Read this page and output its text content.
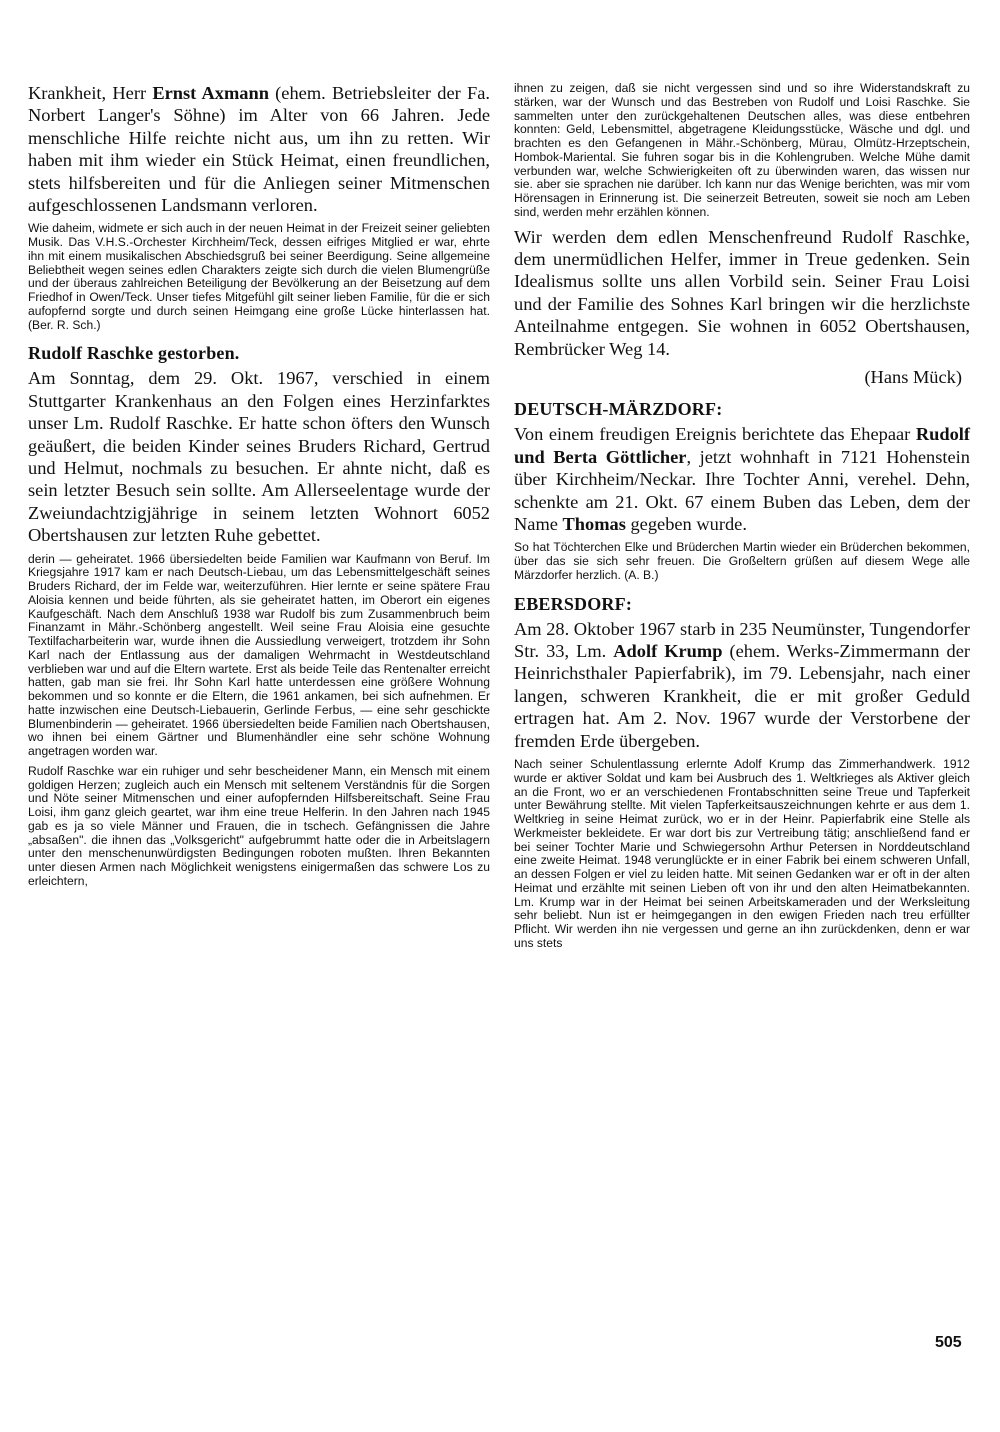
Krankheit, Herr Ernst Axmann (ehem. Betriebsleiter der Fa. Norbert Langer's Söhne) im Alter von 66 Jahren. Jede menschliche Hilfe reichte nicht aus, um ihn zu retten. Wir haben mit ihm wieder ein Stück Heimat, einen freundlichen, stets hilfsbereiten und für die Anliegen seiner Mitmenschen aufgeschlossenen Landsmann verloren.

Wie daheim, widmete er sich auch in der neuen Heimat in der Freizeit seiner geliebten Musik. Das V.H.S.-Orchester Kirchheim/Teck, dessen eifriges Mitglied er war, ehrte ihn mit einem musikalischen Abschiedsgruß bei seiner Beerdigung. Seine allgemeine Beliebtheit wegen seines edlen Charakters zeigte sich durch die vielen Blumengrüße und der überaus zahlreichen Beteiligung der Bevölkerung an der Beisetzung auf dem Friedhof in Owen/Teck. Unser tiefes Mitgefühl gilt seiner lieben Familie, für die er sich aufopfernd sorgte und durch seinen Heimgang eine große Lücke hinterlassen hat. (Ber. R. Sch.)

Rudolf Raschke gestorben.

Am Sonntag, dem 29. Okt. 1967, verschied in einem Stuttgarter Krankenhaus an den Folgen eines Herzinfarktes unser Lm. Rudolf Raschke. Er hatte schon öfters den Wunsch geäußert, die beiden Kinder seines Bruders Richard, Gertrud und Helmut, nochmals zu besuchen. Er ahnte nicht, daß es sein letzter Besuch sein sollte. Am Allerseelentage wurde der Zweiundachtzigjährige in seinem letzten Wohnort 6052 Obertshausen zur letzten Ruhe gebettet.

derin — geheiratet. 1966 übersiedelten beide Familien war Kaufmann von Beruf. Im Kriegsjahre 1917 kam er nach Deutsch-Liebau, um das Lebensmittelgeschäft seines Bruders Richard, der im Felde war, weiterzuführen. Hier lernte er seine spätere Frau Aloisia kennen und beide führten, als sie geheiratet hatten, im Oberort ein eigenes Kaufgeschäft. Nach dem Anschluß 1938 war Rudolf bis zum Zusammenbruch beim Finanzamt in Mähr.-Schönberg angestellt. Weil seine Frau Aloisia eine gesuchte Textilfacharbeiterin war, wurde ihnen die Aussiedlung verweigert, trotzdem ihr Sohn Karl nach der Entlassung aus der damaligen Wehrmacht in Westdeutschland verblieben war und auf die Eltern wartete. Erst als beide Teile das Rentenalter erreicht hatten, gab man sie frei. Ihr Sohn Karl hatte unterdessen eine größere Wohnung bekommen und so konnte er die Eltern, die 1961 ankamen, bei sich aufnehmen. Er hatte inzwischen eine Deutsch-Liebauerin, Gerlinde Ferbus, — eine sehr geschickte Blumenbinderin — geheiratet. 1966 übersiedelten beide Familien nach Obertshausen, wo ihnen bei einem Gärtner und Blumenhändler eine sehr schöne Wohnung angetragen worden war.

Rudolf Raschke war ein ruhiger und sehr bescheidener Mann, ein Mensch mit einem goldigen Herzen; zugleich auch ein Mensch mit seltenem Verständnis für die Sorgen und Nöte seiner Mitmenschen und einer aufopfernden Hilfsbereitschaft. Seine Frau Loisi, ihm ganz gleich geartet, war ihm eine treue Helferin. In den Jahren nach 1945 gab es ja so viele Männer und Frauen, die in tschech. Gefängnissen die Jahre „absaßen". die ihnen das „Volksgericht" aufgebrummt hatte oder die in Arbeitslagern unter den menschenunwürdigsten Bedingungen roboten mußten. Ihren Bekannten unter diesen Armen nach Möglichkeit wenigstens einigermaßen das schwere Los zu erleichtern,

ihnen zu zeigen, daß sie nicht vergessen sind und so ihre Widerstandskraft zu stärken, war der Wunsch und das Bestreben von Rudolf und Loisi Raschke. Sie sammelten unter den zurückgehaltenen Deutschen alles, was diese entbehren konnten: Geld, Lebensmittel, abgetragene Kleidungsstücke, Wäsche und dgl. und brachten es den Gefangenen in Mähr.-Schönberg, Mürau, Olmütz-Hrzeptschein, Hombok-Mariental. Sie fuhren sogar bis in die Kohlengruben. Welche Mühe damit verbunden war, welche Schwierigkeiten oft zu überwinden waren, das wissen nur sie. aber sie sprachen nie darüber. Ich kann nur das Wenige berichten, was mir vom Hörensagen in Erinnerung ist. Die seinerzeit Betreuten, soweit sie noch am Leben sind, werden mehr erzählen können.

Wir werden dem edlen Menschenfreund Rudolf Raschke, dem unermüdlichen Helfer, immer in Treue gedenken. Sein Idealismus sollte uns allen Vorbild sein. Seiner Frau Loisi und der Familie des Sohnes Karl bringen wir die herzlichste Anteilnahme entgegen. Sie wohnen in 6052 Obertshausen, Rembrücker Weg 14.

(Hans Mück)

DEUTSCH-MÄRZDORF:

Von einem freudigen Ereignis berichtete das Ehepaar Rudolf und Berta Göttlicher, jetzt wohnhaft in 7121 Hohenstein über Kirchheim/Neckar. Ihre Tochter Anni, verehel. Dehn, schenkte am 21. Okt. 67 einem Buben das Leben, dem der Name Thomas gegeben wurde.

So hat Töchterchen Elke und Brüderchen Martin wieder ein Brüderchen bekommen, über das sie sich sehr freuen. Die Großeltern grüßen auf diesem Wege alle Märzdorfer herzlich. (A. B.)

EBERSDORF:

Am 28. Oktober 1967 starb in 235 Neumünster, Tungendorfer Str. 33, Lm. Adolf Krump (ehem. Werks-Zimmermann der Heinrichsthaler Papierfabrik), im 79. Lebensjahr, nach einer langen, schweren Krankheit, die er mit großer Geduld ertragen hat. Am 2. Nov. 1967 wurde der Verstorbene der fremden Erde übergeben.

Nach seiner Schulentlassung erlernte Adolf Krump das Zimmerhandwerk. 1912 wurde er aktiver Soldat und kam bei Ausbruch des 1. Weltkrieges als Aktiver gleich an die Front, wo er an verschiedenen Frontabschnitten seine Treue und Tapferkeit unter Bewährung stellte. Mit vielen Tapferkeitsauszeichnungen kehrte er aus dem 1. Weltkrieg in seine Heimat zurück, wo er in der Heinr. Papierfabrik eine Stelle als Werkmeister bekleidete. Er war dort bis zur Vertreibung tätig; anschließend fand er bei seiner Tochter Marie und Schwiegersohn Arthur Petersen in Norddeutschland eine zweite Heimat. 1948 verunglückte er in einer Fabrik bei einem schweren Unfall, an dessen Folgen er viel zu leiden hatte. Mit seinen Gedanken war er oft in der alten Heimat und erzählte mit seinen Lieben oft von ihr und den alten Heimatbekannten. Lm. Krump war in der Heimat bei seinen Arbeitskameraden und der Werksleitung sehr beliebt. Nun ist er heimgegangen in den ewigen Frieden nach treu erfüllter Pflicht. Wir werden ihn nie vergessen und gerne an ihn zurückdenken, denn er war uns stets

505
